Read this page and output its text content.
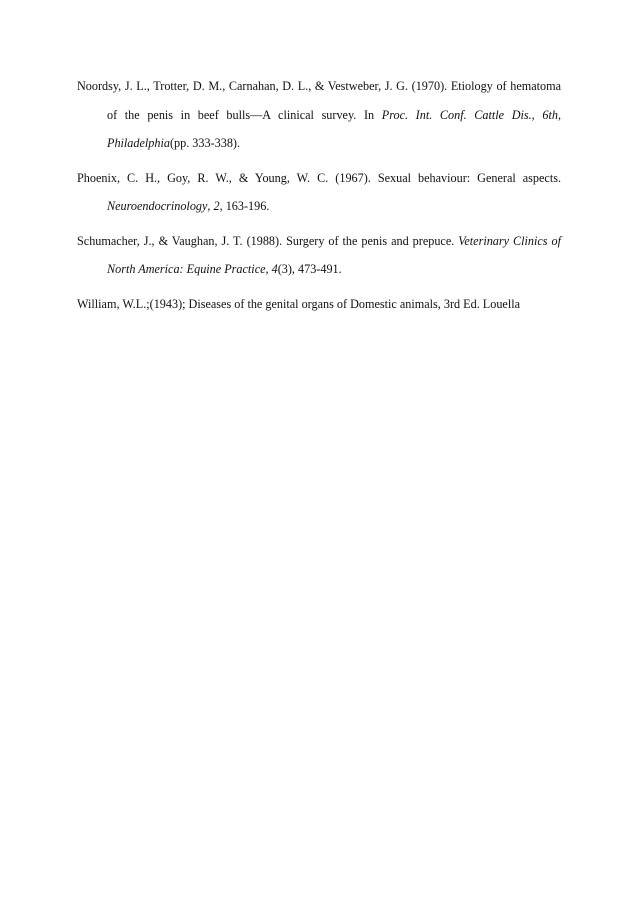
Noordsy, J. L., Trotter, D. M., Carnahan, D. L., & Vestweber, J. G. (1970). Etiology of hematoma of the penis in beef bulls—A clinical survey. In Proc. Int. Conf. Cattle Dis., 6th, Philadelphia(pp. 333-338).

Phoenix, C. H., Goy, R. W., & Young, W. C. (1967). Sexual behaviour: General aspects. Neuroendocrinology, 2, 163-196.

Schumacher, J., & Vaughan, J. T. (1988). Surgery of the penis and prepuce. Veterinary Clinics of North America: Equine Practice, 4(3), 473-491.

William, W.L.;(1943); Diseases of the genital organs of Domestic animals, 3rd Ed. Louella
